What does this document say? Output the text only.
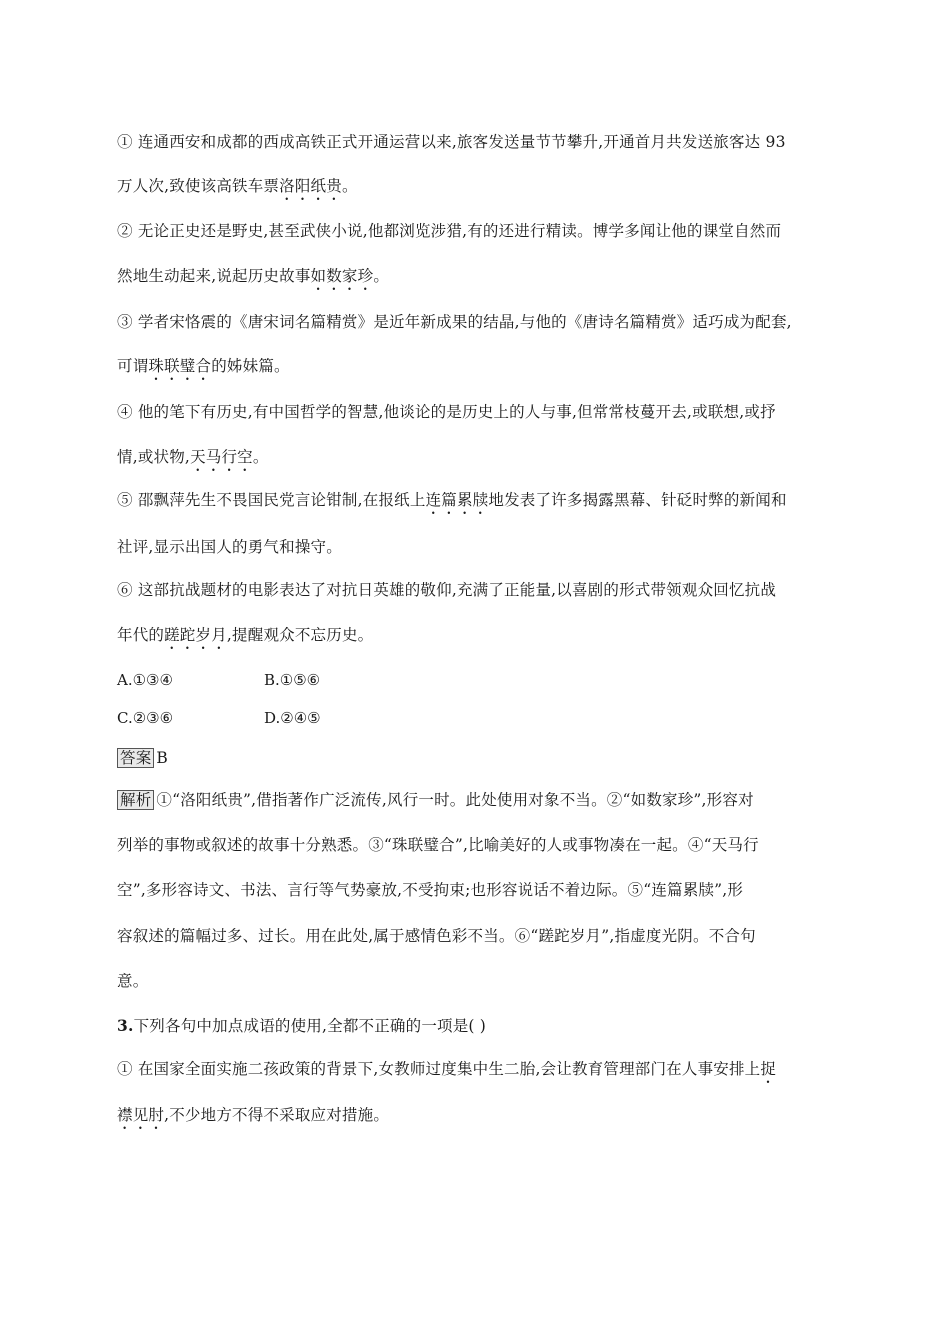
① 连通西安和成都的西成高铁正式开通运营以来,旅客发送量节节攀升,开通首月共发送旅客达 93
万人次,致使该高铁车票洛阳纸贵。
② 无论正史还是野史,甚至武侠小说,他都浏览涉猎,有的还进行精读。博学多闻让他的课堂自然而
然地生动起来,说起历史故事如数家珍。
③ 学者宋恪震的《唐宋词名篇精赏》是近年新成果的结晶,与他的《唐诗名篇精赏》适巧成为配套,
可谓珠联璧合的姊妹篇。
④ 他的笔下有历史,有中国哲学的智慧,他谈论的是历史上的人与事,但常常枝蔓开去,或联想,或抒
情,或状物,天马行空。
⑤ 邵飘萍先生不畏国民党言论钳制,在报纸上连篇累牍地发表了许多揭露黑幕、针砭时弊的新闻和
社评,显示出国人的勇气和操守。
⑥ 这部抗战题材的电影表达了对抗日英雄的敬仰,充满了正能量,以喜剧的形式带领观众回忆抗战
年代的蹉跎岁月,提醒观众不忘历史。
A.①③④	B.①⑤⑥
C.②③⑥	D.②④⑤
答案 B
解析 ①“洛阳纸贵”,借指著作广泛流传,风行一时。此处使用对象不当。②“如数家珍”,形容对
列举的事物或叙述的故事十分熟悉。③“珠联璧合”,比喻美好的人或事物凑在一起。④“天马行
空”,多形容诗文、书法、言行等气势豪放,不受拘束;也形容说话不着边际。⑤“连篇累牍”,形
容叙述的篇幅过多、过长。用在此处,属于感情色彩不当。⑥“蹉跎岁月”,指虚度光阴。不合句
意。
3.下列各句中加点成语的使用,全都不正确的一项是( )
① 在国家全面实施二孩政策的背景下,女教师过度集中生二胎,会让教育管理部门在人事安排上捉
襟见肘,不少地方不得不采取应对措施。
